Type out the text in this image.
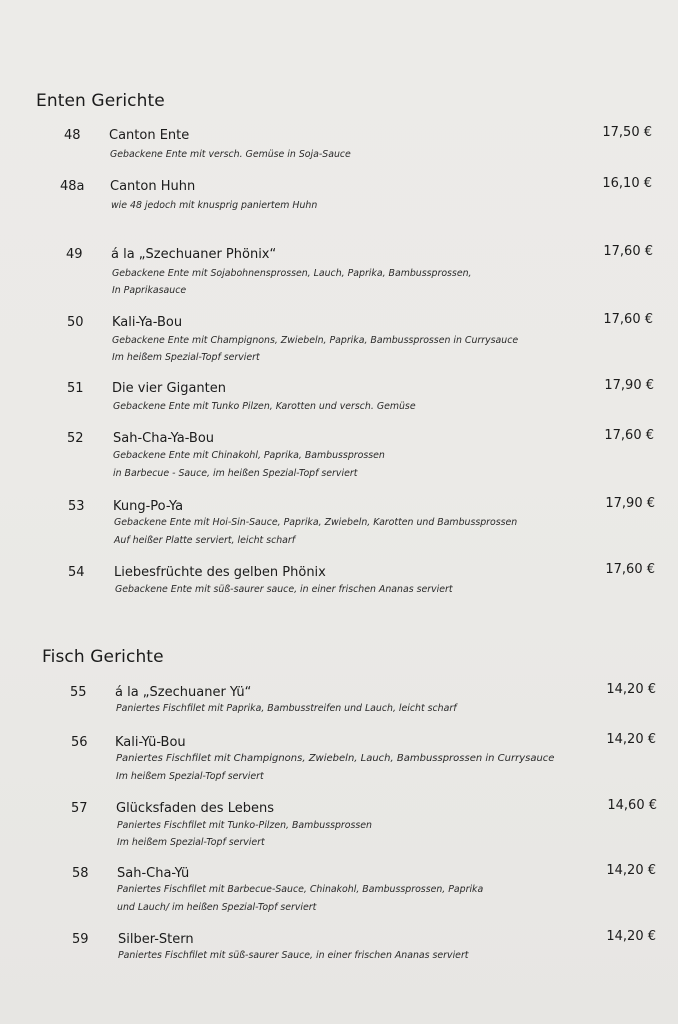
Enten Gerichte
48 Canton Ente
Gebackene Ente mit versch. Gemüse in Soja-Sauce
17,50 €
48a Canton Huhn
wie 48 jedoch mit knusprig paniertem Huhn
16,10 €
49 á la „Szechuaner Phönix“
Gebackene Ente mit Sojabohnensprossen, Lauch, Paprika, Bambussprossen,
In Paprikasauce
17,60 €
50 Kali-Ya-Bou
Gebackene Ente mit Champignons, Zwiebeln, Paprika, Bambussprossen in Currysauce
Im heißem Spezial-Topf serviert
17,60 €
51 Die vier Giganten
Gebackene Ente mit Tunko Pilzen, Karotten und versch. Gemüse
17,90 €
52 Sah-Cha-Ya-Bou
Gebackene Ente mit Chinakohl, Paprika, Bambussprossen
in Barbecue - Sauce, im heißen Spezial-Topf serviert
17,60 €
53 Kung-Po-Ya
Gebackene Ente mit Hoi-Sin-Sauce, Paprika, Zwiebeln, Karotten und Bambussprossen
Auf heißer Platte serviert, leicht scharf
17,90 €
54 Liebesfrüchte des gelben Phönix
Gebackene Ente mit süß-saurer sauce, in einer frischen Ananas serviert
17,60 €
Fisch Gerichte
55 á la „Szechuaner Yü“
Paniertes Fischfilet mit Paprika, Bambusstreifen und Lauch, leicht scharf
14,20 €
56 Kali-Yü-Bou
Paniertes Fischfilet mit Champignons, Zwiebeln, Lauch, Bambussprossen in Currysauce
Im heißem Spezial-Topf serviert
14,20 €
57 Glücksfaden des Lebens
Paniertes Fischfilet mit Tunko-Pilzen, Bambussprossen
Im heißem Spezial-Topf serviert
14,60 €
58 Sah-Cha-Yü
Paniertes Fischfilet mit Barbecue-Sauce, Chinakohl, Bambussprossen, Paprika
und Lauch/ im heißen Spezial-Topf serviert
14,20 €
59 Silber-Stern
Paniertes Fischfilet mit süß-saurer Sauce, in einer frischen Ananas serviert
14,20 €
